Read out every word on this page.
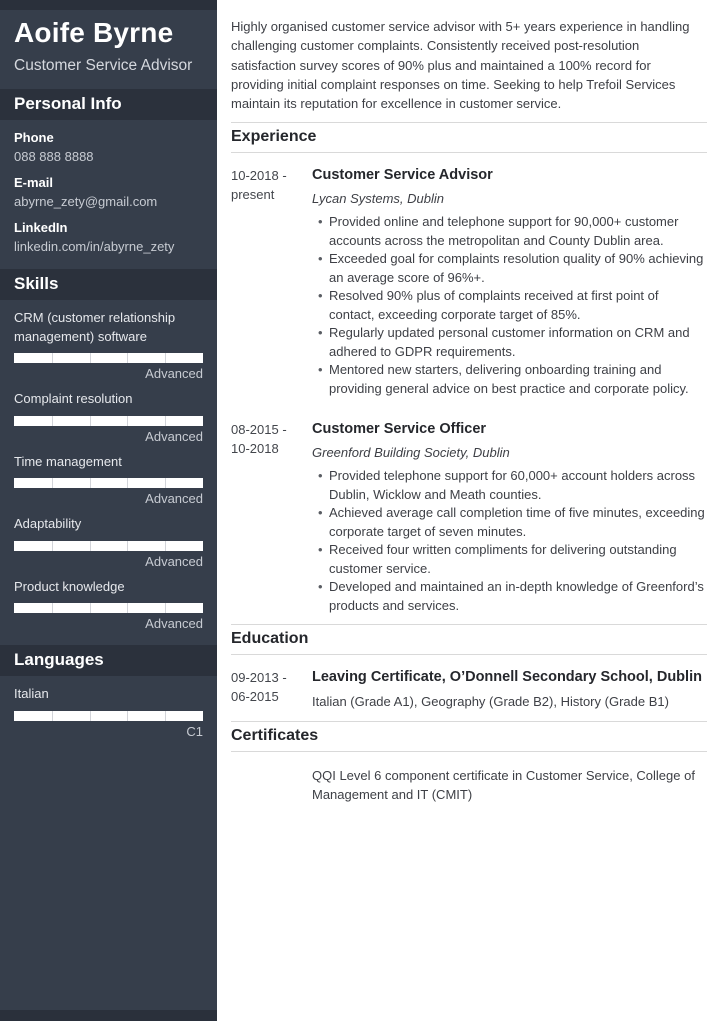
Aoife Byrne
Customer Service Advisor
Personal Info
Phone
088 888 8888
E-mail
abyrne_zety@gmail.com
LinkedIn
linkedin.com/in/abyrne_zety
Skills
CRM (customer relationship management) software
Advanced
Complaint resolution
Advanced
Time management
Advanced
Adaptability
Advanced
Product knowledge
Advanced
Languages
Italian
C1

Highly organised customer service advisor with 5+ years experience in handling challenging customer complaints. Consistently received post-resolution satisfaction survey scores of 90% plus and maintained a 100% record for providing initial complaint responses on time. Seeking to help Trefoil Services maintain its reputation for excellence in customer service.

Experience
10-2018 -
present
Customer Service Advisor
Lycan Systems, Dublin
• Provided online and telephone support for 90,000+ customer accounts across the metropolitan and County Dublin area.
• Exceeded goal for complaints resolution quality of 90% achieving an average score of 96%+.
• Resolved 90% plus of complaints received at first point of contact, exceeding corporate target of 85%.
• Regularly updated personal customer information on CRM and adhered to GDPR requirements.
• Mentored new starters, delivering onboarding training and providing general advice on best practice and corporate policy.
08-2015 -
10-2018
Customer Service Officer
Greenford Building Society, Dublin
• Provided telephone support for 60,000+ account holders across Dublin, Wicklow and Meath counties.
• Achieved average call completion time of five minutes, exceeding corporate target of seven minutes.
• Received four written compliments for delivering outstanding customer service.
• Developed and maintained an in-depth knowledge of Greenford’s products and services.
Education
09-2013 -
06-2015
Leaving Certificate, O’Donnell Secondary School, Dublin
Italian (Grade A1), Geography (Grade B2), History (Grade B1)
Certificates
QQI Level 6 component certificate in Customer Service, College of Management and IT (CMIT)
